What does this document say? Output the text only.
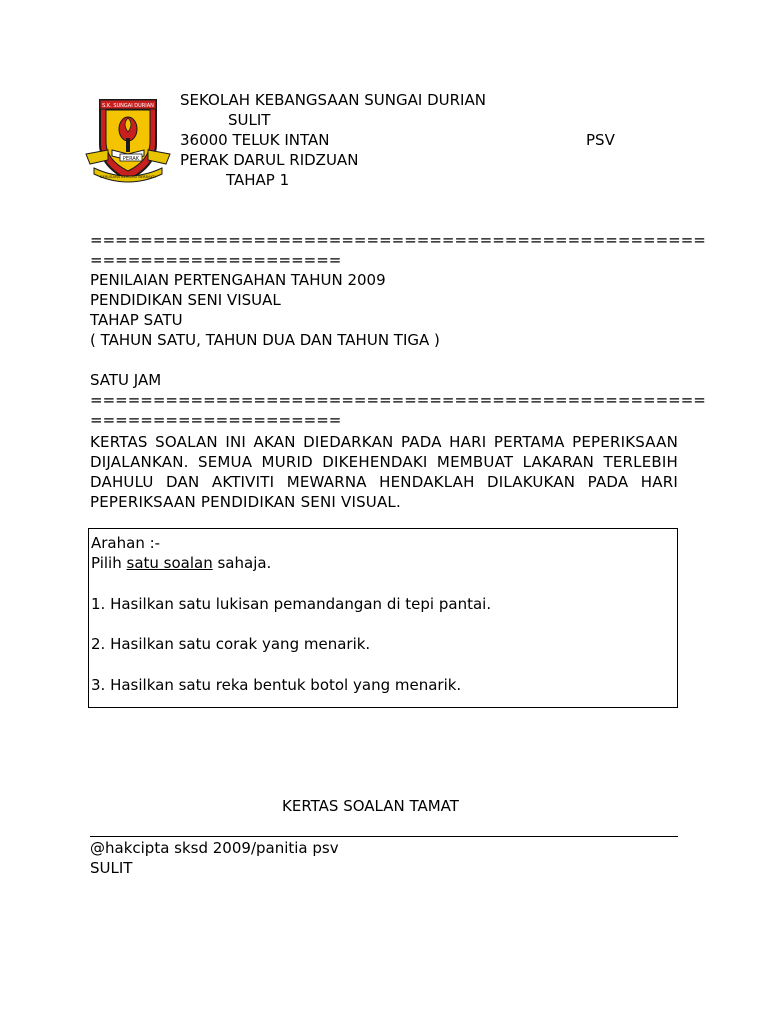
S.K. SUNGAI DURIAN
PERAK
BERUSAHA BERILMU BERBAKTI
SEKOLAH KEBANGSAAN SUNGAI DURIAN
SULIT
36000 TELUK INTAN	PSV
PERAK DARUL RIDZUAN
TAHAP 1
=================================================
====================
PENILAIAN PERTENGAHAN TAHUN 2009
PENDIDIKAN SENI VISUAL
TAHAP SATU
( TAHUN SATU, TAHUN DUA DAN TAHUN TIGA )
SATU JAM
=================================================
====================
KERTAS SOALAN INI AKAN DIEDARKAN PADA HARI PERTAMA PEPERIKSAAN DIJALANKAN. SEMUA MURID DIKEHENDAKI MEMBUAT LAKARAN TERLEBIH DAHULU DAN AKTIVITI MEWARNA HENDAKLAH DILAKUKAN PADA HARI PEPERIKSAAN PENDIDIKAN SENI VISUAL.
Arahan :-
Pilih satu soalan sahaja.
1. Hasilkan satu lukisan pemandangan di tepi pantai.
2. Hasilkan satu corak yang menarik.
3. Hasilkan satu reka bentuk botol yang menarik.
KERTAS SOALAN TAMAT
@hakcipta sksd 2009/panitia psv
SULIT
